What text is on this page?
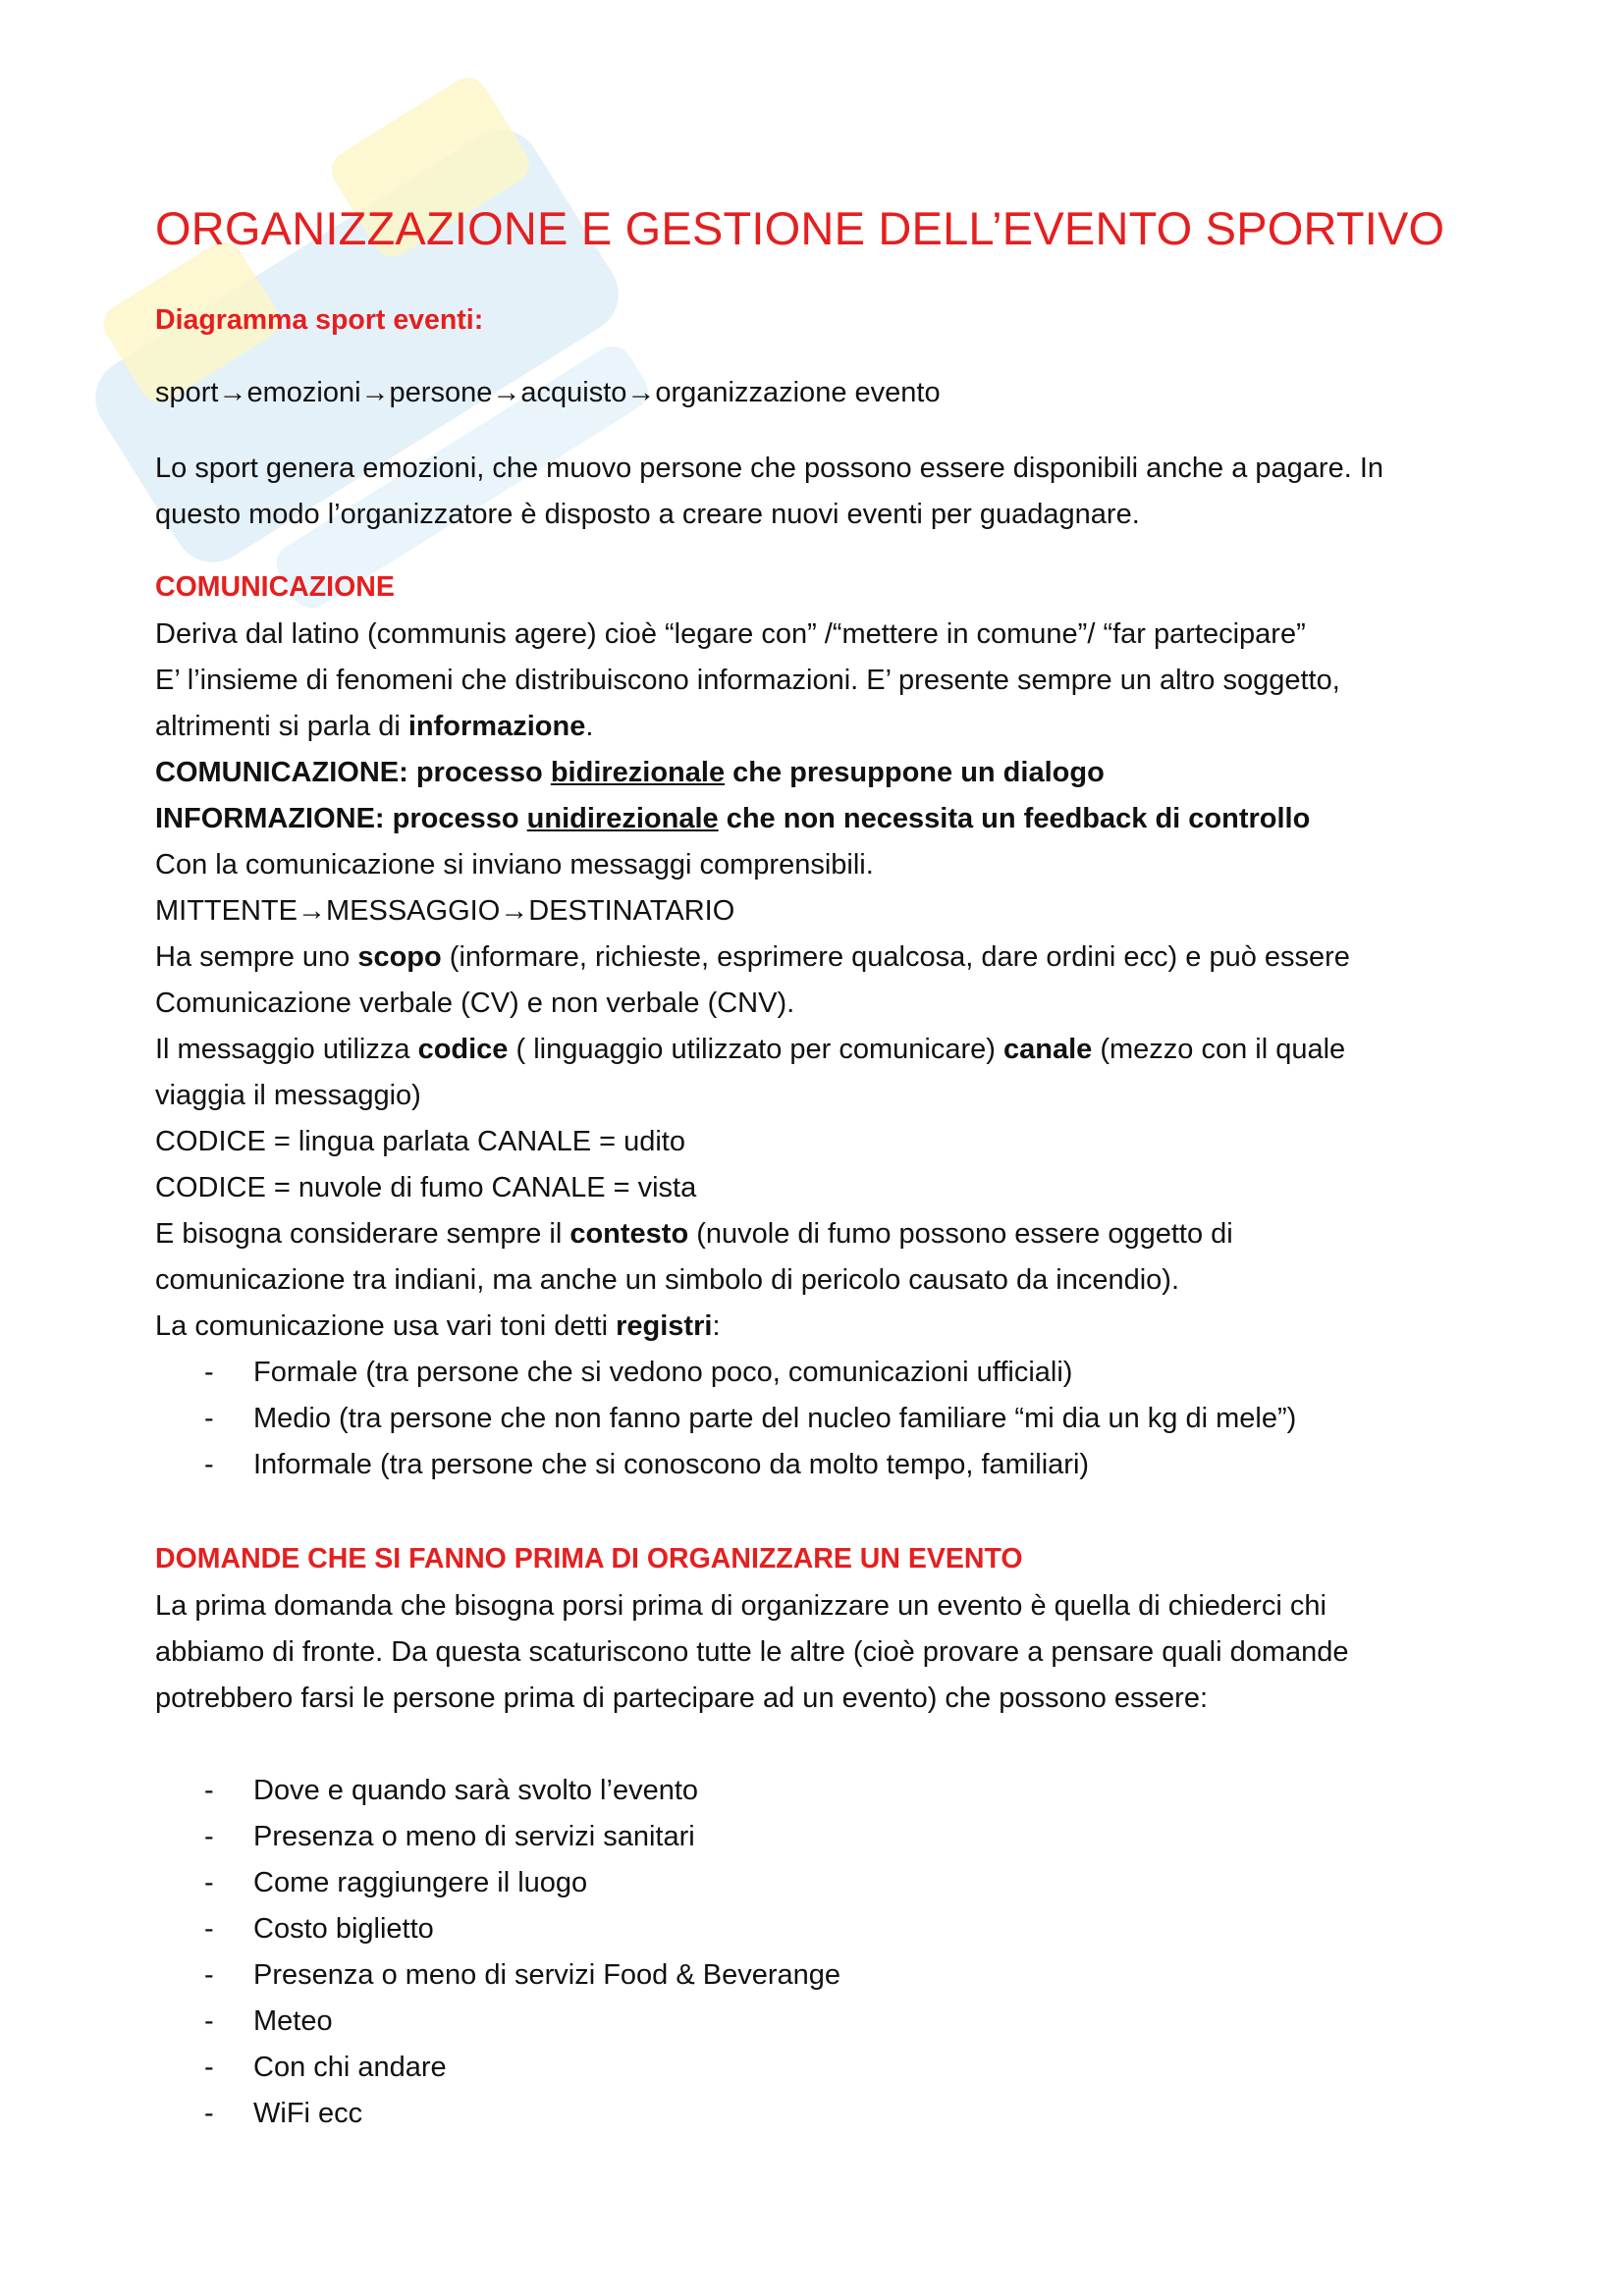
ORGANIZZAZIONE E GESTIONE DELL’EVENTO SPORTIVO
Diagramma sport eventi:
sport→emozioni→persone→acquisto→organizzazione evento
Lo sport genera emozioni, che muovo persone che possono essere disponibili anche a pagare. In
questo modo l’organizzatore è disposto a creare nuovi eventi per guadagnare.
COMUNICAZIONE
Deriva dal latino (communis agere) cioè “legare con” /“mettere in comune”/ “far partecipare”
E’ l’insieme di fenomeni che distribuiscono informazioni. E’ presente sempre un altro soggetto,
altrimenti si parla di informazione.
COMUNICAZIONE: processo bidirezionale che presuppone un dialogo
INFORMAZIONE: processo unidirezionale che non necessita un feedback di controllo
Con la comunicazione si inviano messaggi comprensibili.
MITTENTE→MESSAGGIO→DESTINATARIO
Ha sempre uno scopo (informare, richieste, esprimere qualcosa, dare ordini ecc) e può essere
Comunicazione verbale (CV) e non verbale (CNV).
Il messaggio utilizza codice ( linguaggio utilizzato per comunicare) canale (mezzo con il quale
viaggia il messaggio)
CODICE = lingua parlata CANALE = udito
CODICE = nuvole di fumo CANALE = vista
E bisogna considerare sempre il contesto (nuvole di fumo possono essere oggetto di
comunicazione tra indiani, ma anche un simbolo di pericolo causato da incendio).
La comunicazione usa vari toni detti registri:
- Formale (tra persone che si vedono poco, comunicazioni ufficiali)
- Medio (tra persone che non fanno parte del nucleo familiare “mi dia un kg di mele”)
- Informale (tra persone che si conoscono da molto tempo, familiari)
DOMANDE CHE SI FANNO PRIMA DI ORGANIZZARE UN EVENTO
La prima domanda che bisogna porsi prima di organizzare un evento è quella di chiederci chi
abbiamo di fronte. Da questa scaturiscono tutte le altre (cioè provare a pensare quali domande
potrebbero farsi le persone prima di partecipare ad un evento) che possono essere:
- Dove e quando sarà svolto l’evento
- Presenza o meno di servizi sanitari
- Come raggiungere il luogo
- Costo biglietto
- Presenza o meno di servizi Food & Beverange
- Meteo
- Con chi andare
- WiFi ecc
